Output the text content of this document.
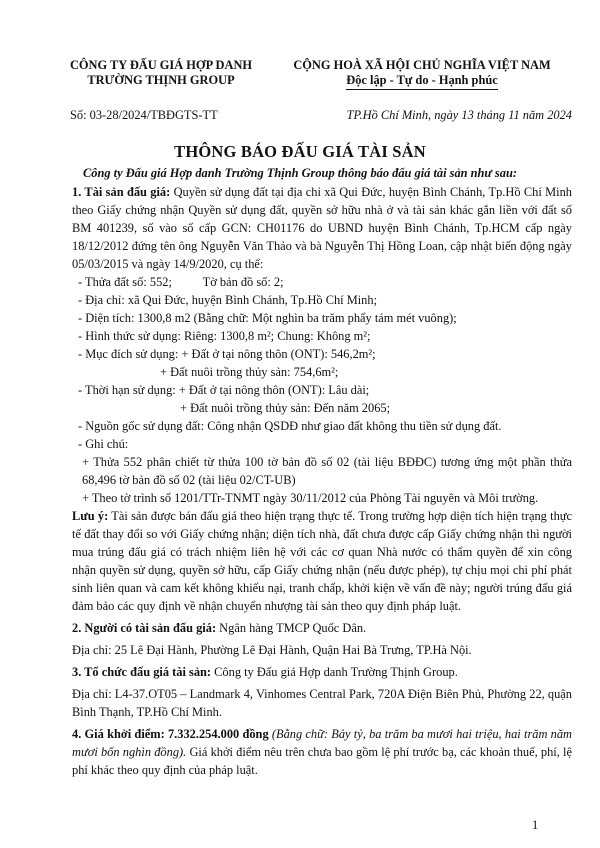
CÔNG TY ĐẤU GIÁ HỢP DANH
TRƯỜNG THỊNH GROUP
CỘNG HOÀ XÃ HỘI CHỦ NGHĨA VIỆT NAM
Độc lập - Tự do - Hạnh phúc
Số: 03-28/2024/TBĐGTS-TT	TP.Hồ Chí Minh, ngày 13 tháng 11 năm 2024
THÔNG BÁO ĐẤU GIÁ TÀI SẢN
Công ty Đấu giá Hợp danh Trường Thịnh Group thông báo đấu giá tài sản như sau:

1. Tài sản đấu giá: Quyền sử dụng đất tại địa chỉ xã Qui Đức, huyện Bình Chánh, Tp.Hồ Chí Minh theo Giấy chứng nhận Quyền sử dụng đất, quyền sở hữu nhà ở và tài sản khác gắn liền với đất số BM 401239, số vào sổ cấp GCN: CH01176 do UBND huyện Bình Chánh, Tp.HCM cấp ngày 18/12/2012 đứng tên ông Nguyễn Văn Thảo và bà Nguyễn Thị Hồng Loan, cập nhật biến động ngày 05/03/2015 và ngày 14/9/2020, cụ thể:

- Thửa đất số: 552;          Tờ bản đồ số: 2;

- Địa chỉ: xã Qui Đức, huyện Bình Chánh, Tp.Hồ Chí Minh;

- Diện tích: 1300,8 m2 (Bằng chữ: Một nghìn ba trăm phẩy tám mét vuông);

- Hình thức sử dụng: Riêng: 1300,8 m²; Chung: Không m²;

- Mục đích sử dụng: + Đất ở tại nông thôn (ONT): 546,2m²;

+ Đất nuôi trồng thủy sản: 754,6m²;

- Thời hạn sử dụng: + Đất ở tại nông thôn (ONT): Lâu dài;

+ Đất nuôi trồng thủy sản: Đến năm 2065;

- Nguồn gốc sử dụng đất: Công nhận QSDĐ như giao đất không thu tiền sử dụng đất.

- Ghi chú:

+ Thửa 552 phân chiết từ thửa 100 tờ bản đồ số 02 (tài liệu BĐĐC) tương ứng một phần thửa 68,496 tờ bản đồ số 02 (tài liệu 02/CT-UB)

+ Theo tờ trình số 1201/TTr-TNMT ngày 30/11/2012 của Phòng Tài nguyên và Môi trường.

Lưu ý: Tài sản được bán đấu giá theo hiện trạng thực tế. Trong trường hợp diện tích hiện trạng thực tế đất thay đổi so với Giấy chứng nhận; diện tích nhà, đất chưa được cấp Giấy chứng nhận thì người mua trúng đấu giá có trách nhiệm liên hệ với các cơ quan Nhà nước có thẩm quyền để xin công nhận quyền sử dụng, quyền sở hữu, cấp Giấy chứng nhận (nếu được phép), tự chịu mọi chi phí phát sinh liên quan và cam kết không khiếu nại, tranh chấp, khởi kiện về vấn đề này; người trúng đấu giá đảm bảo các quy định về nhận chuyển nhượng tài sản theo quy định pháp luật.

2. Người có tài sản đấu giá: Ngân hàng TMCP Quốc Dân.

Địa chỉ: 25 Lê Đại Hành, Phường Lê Đại Hành, Quận Hai Bà Trưng, TP.Hà Nội.

3. Tổ chức đấu giá tài sản: Công ty Đấu giá Hợp danh Trường Thịnh Group.

Địa chỉ: L4-37.OT05 – Landmark 4, Vinhomes Central Park, 720A Điện Biên Phủ, Phường 22, quận Bình Thạnh, TP.Hồ Chí Minh.

4. Giá khởi điểm: 7.332.254.000 đồng (Bằng chữ: Bảy tỷ, ba trăm ba mươi hai triệu, hai trăm năm mươi bốn nghìn đồng). Giá khởi điểm nêu trên chưa bao gồm lệ phí trước bạ, các khoản thuế, phí, lệ phí khác theo quy định của pháp luật.

1
